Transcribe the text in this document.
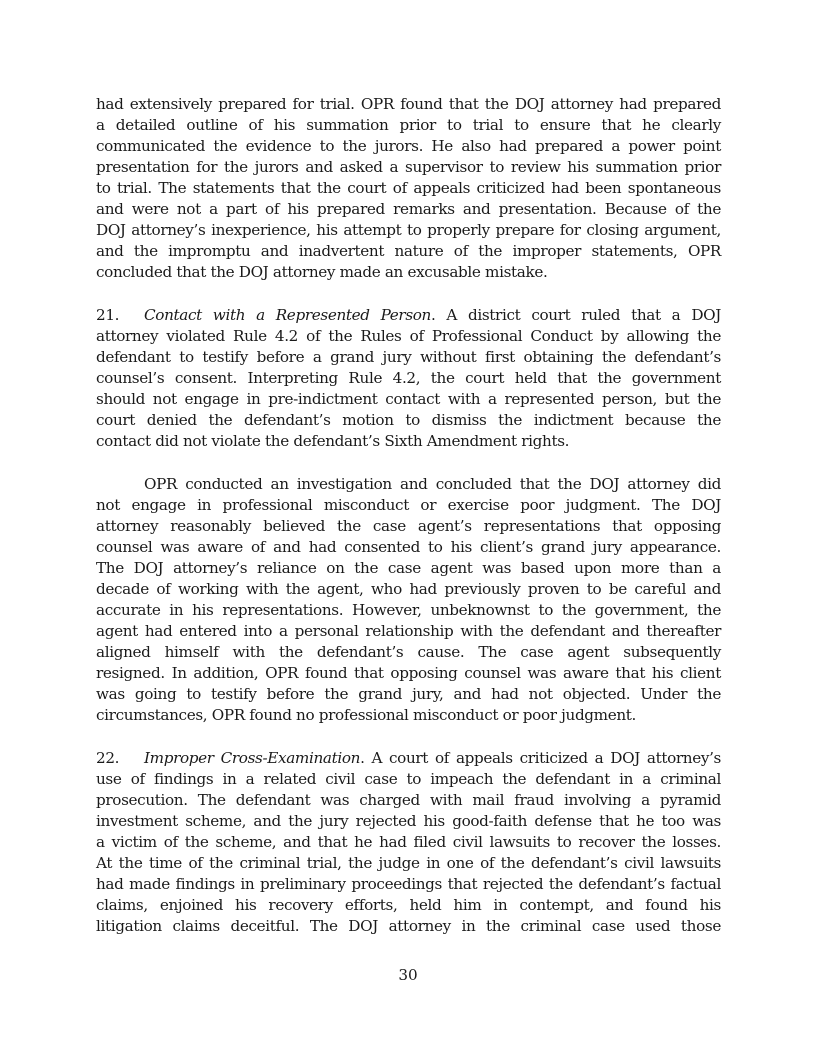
had extensively prepared for trial. OPR found that the DOJ attorney had prepared
a detailed outline of his summation prior to trial to ensure that he clearly
communicated the evidence to the jurors. He also had prepared a power point
presentation for the jurors and asked a supervisor to review his summation prior
to trial. The statements that the court of appeals criticized had been spontaneous
and were not a part of his prepared remarks and presentation. Because of the
DOJ attorney’s inexperience, his attempt to properly prepare for closing argument,
and the impromptu and inadvertent nature of the improper statements, OPR
concluded that the DOJ attorney made an excusable mistake.
21. Contact with a Represented Person. A district court ruled that a DOJ
attorney violated Rule 4.2 of the Rules of Professional Conduct by allowing the
defendant to testify before a grand jury without first obtaining the defendant’s
counsel’s consent. Interpreting Rule 4.2, the court held that the government
should not engage in pre-indictment contact with a represented person, but the
court denied the defendant’s motion to dismiss the indictment because the
contact did not violate the defendant’s Sixth Amendment rights.
OPR conducted an investigation and concluded that the DOJ attorney did
not engage in professional misconduct or exercise poor judgment. The DOJ
attorney reasonably believed the case agent’s representations that opposing
counsel was aware of and had consented to his client’s grand jury appearance.
The DOJ attorney’s reliance on the case agent was based upon more than a
decade of working with the agent, who had previously proven to be careful and
accurate in his representations. However, unbeknownst to the government, the
agent had entered into a personal relationship with the defendant and thereafter
aligned himself with the defendant’s cause. The case agent subsequently
resigned. In addition, OPR found that opposing counsel was aware that his client
was going to testify before the grand jury, and had not objected. Under the
circumstances, OPR found no professional misconduct or poor judgment.
22. Improper Cross-Examination. A court of appeals criticized a DOJ attorney’s
use of findings in a related civil case to impeach the defendant in a criminal
prosecution. The defendant was charged with mail fraud involving a pyramid
investment scheme, and the jury rejected his good-faith defense that he too was
a victim of the scheme, and that he had filed civil lawsuits to recover the losses.
At the time of the criminal trial, the judge in one of the defendant’s civil lawsuits
had made findings in preliminary proceedings that rejected the defendant’s factual
claims, enjoined his recovery efforts, held him in contempt, and found his
litigation claims deceitful. The DOJ attorney in the criminal case used those
30
